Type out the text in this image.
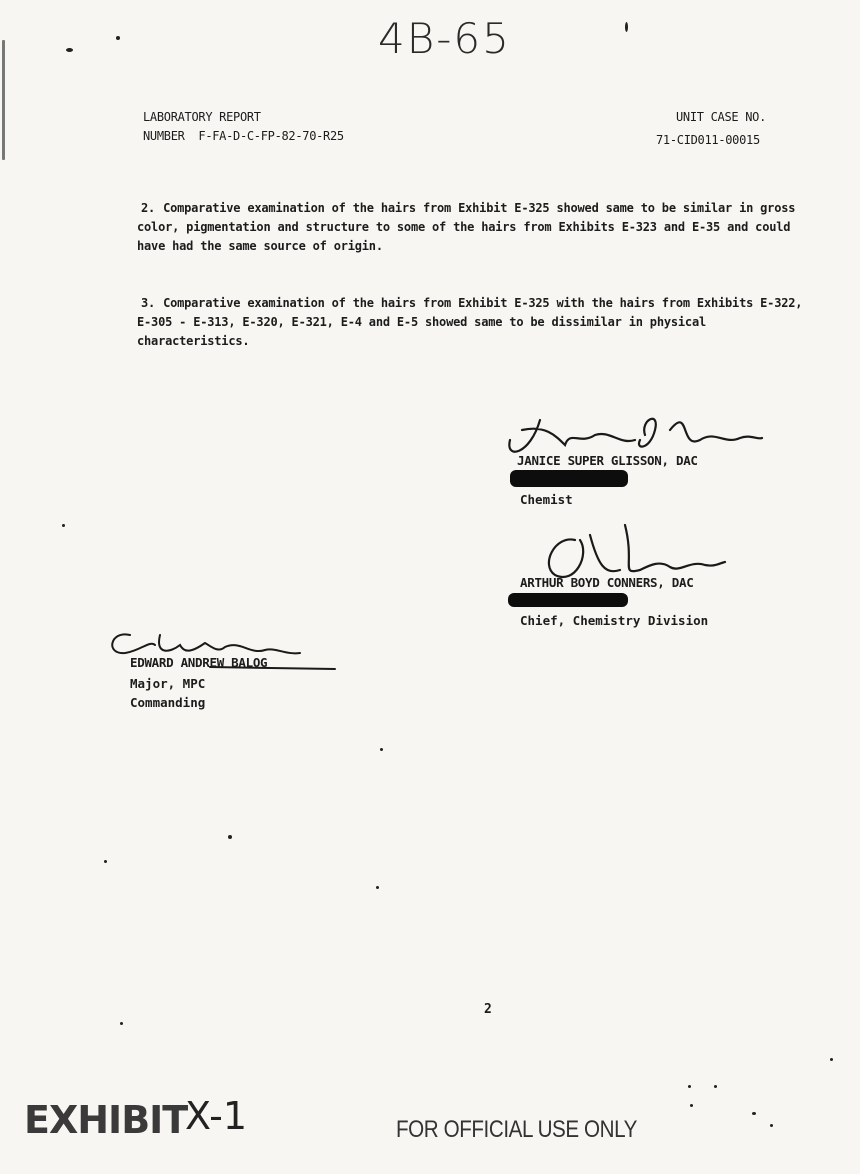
4B-65
LABORATORY REPORT
NUMBER  F-FA-D-C-FP-82-70-R25
UNIT CASE NO.
71-CID011-00015
2. Comparative examination of the hairs from Exhibit E-325 showed same to be similar in gross color, pigmentation and structure to some of the hairs from Exhibits E-323 and E-35 and could have had the same source of origin.
3. Comparative examination of the hairs from Exhibit E-325 with the hairs from Exhibits E-322, E-305 - E-313, E-320, E-321, E-4 and E-5 showed same to be dissimilar in physical characteristics.
JANICE SUPER GLISSON, DAC
Chemist
ARTHUR BOYD CONNERS, DAC
Chief, Chemistry Division
EDWARD ANDREW BALOG
Major, MPC
Commanding
2
EXHIBIT
X-1	FOR OFFICIAL USE ONLY
